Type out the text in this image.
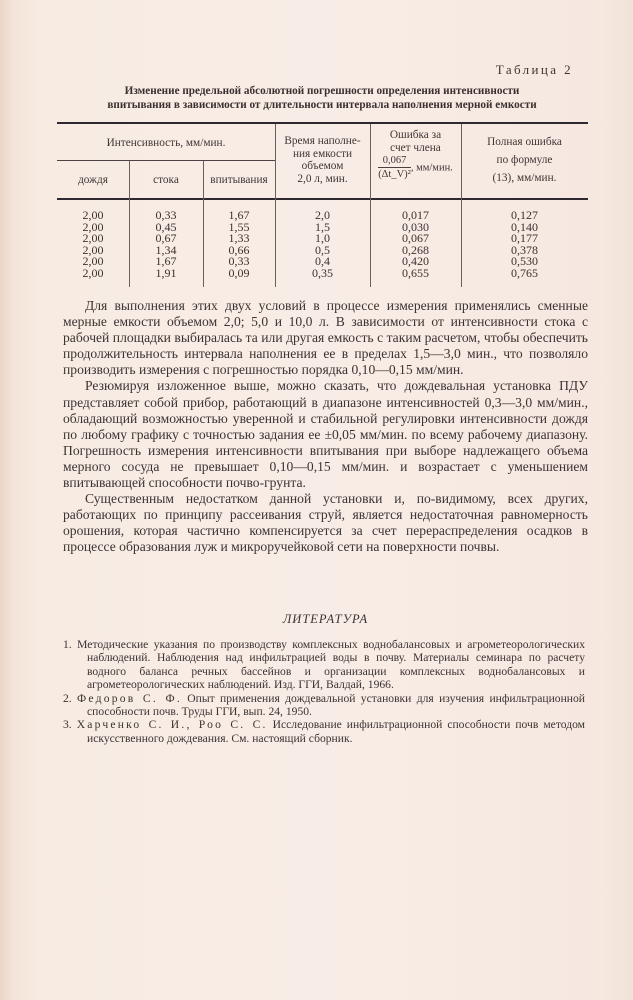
Таблица 2
Изменение предельной абсолютной погрешности определения интенсивности
впитывания в зависимости от длительности интервала наполнения мерной емкости
Интенсивность, мм/мин.
дождя	стока	впитывания
Время наполне-
ния емкости
объемом
2,0 л, мин.
Ошибка за
счет члена
$\frac{0,067}{\text{(Δt\_V)²}}$ , мм/мин.
Полная ошибка
по формуле
(13), мм/мин.
2,00
2,00
2,00
2,00
2,00
2,00
0,33
0,45
0,67
1,34
1,67
1,91
1,67
1,55
1,33
0,66
0,33
0,09
2,0
1,5
1,0
0,5
0,4
0,35
0,017
0,030
0,067
0,268
0,420
0,655
0,127
0,140
0,177
0,378
0,530
0,765

Для выполнения этих двух условий в процессе измерения применялись сменные мерные емкости объемом 2,0; 5,0 и 10,0 л. В зависимости от интенсивности стока с рабочей площадки выбиралась та или другая емкость с таким расчетом, чтобы обеспечить продолжительность интервала наполнения ее в пределах 1,5—3,0 мин., что позволяло производить измерения с погрешностью порядка 0,10—0,15 мм/мин.

Резюмируя изложенное выше, можно сказать, что дождевальная установка ПДУ представляет собой прибор, работающий в диапазоне интенсивностей 0,3—3,0 мм/мин., обладающий возможностью уверенной и стабильной регулировки интенсивности дождя по любому графику с точностью задания ее ±0,05 мм/мин. по всему рабочему диапазону. Погрешность измерения интенсивности впитывания при выборе надлежащего объема мерного сосуда не превышает 0,10—0,15 мм/мин. и возрастает с уменьшением впитывающей способности почво-грунта.

Существенным недостатком данной установки и, по-видимому, всех других, работающих по принципу рассеивания струй, является недостаточная равномерность орошения, которая частично компенсируется за счет перераспределения осадков в процессе образования луж и микроручейковой сети на поверхности почвы.

ЛИТЕРАТУРА

1. Методические указания по производству комплексных воднобалансовых и агрометеорологических наблюдений. Наблюдения над инфильтрацией воды в почву. Материалы семинара по расчету водного баланса речных бассейнов и организации комплексных воднобалансовых и агрометеорологических наблюдений. Изд. ГГИ, Валдай, 1966.

2. Федоров С. Ф. Опыт применения дождевальной установки для изучения инфильтрационной способности почв. Труды ГГИ, вып. 24, 1950.

3. Харченко С. И., Роо С. С. Исследование инфильтрационной способности почв методом искусственного дождевания. См. настоящий сборник.
